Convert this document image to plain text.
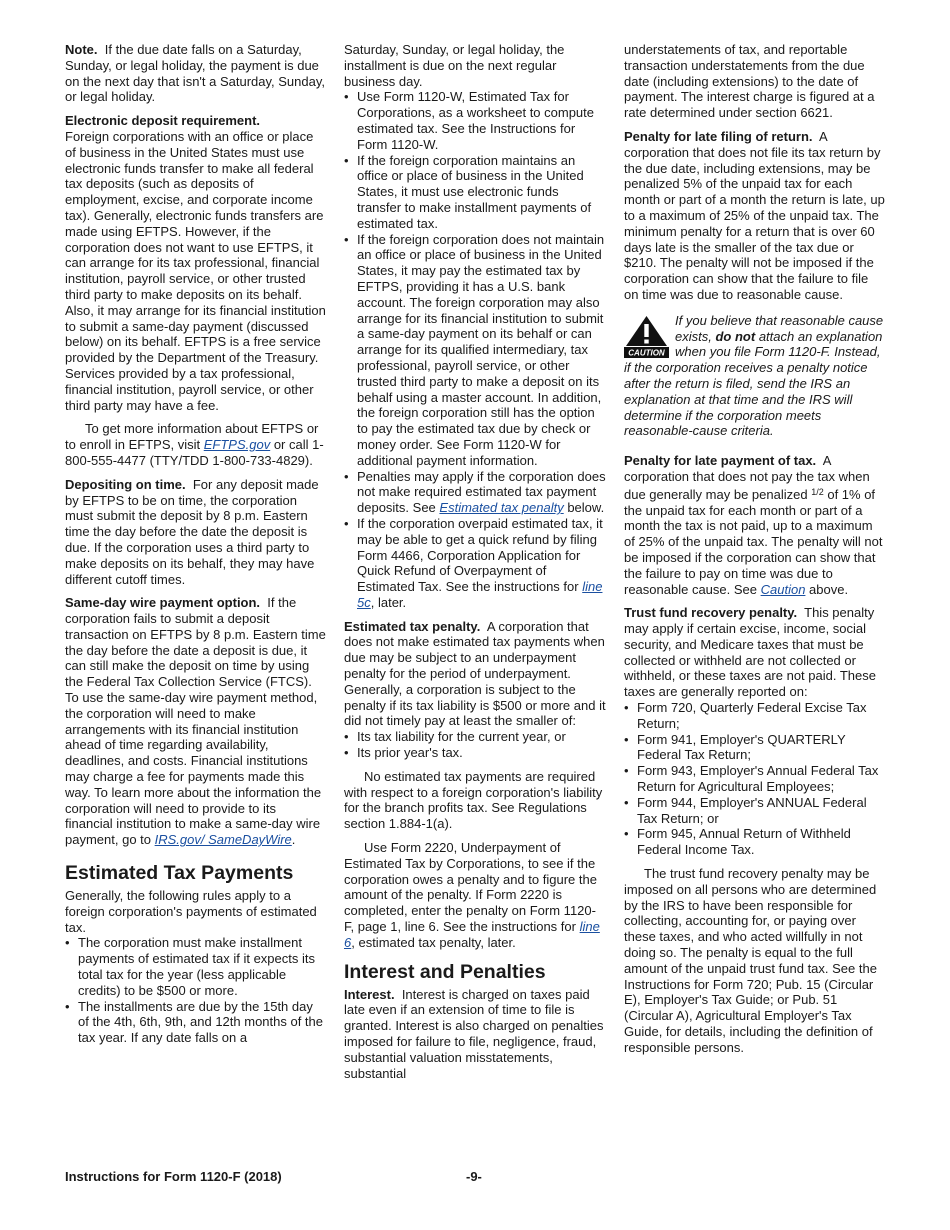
Note. If the due date falls on a Saturday, Sunday, or legal holiday, the payment is due on the next day that isn't a Saturday, Sunday, or legal holiday.

Electronic deposit requirement.
Foreign corporations with an office or place of business in the United States must use electronic funds transfer to make all federal tax deposits (such as deposits of employment, excise, and corporate income tax). Generally, electronic funds transfers are made using EFTPS. However, if the corporation does not want to use EFTPS, it can arrange for its tax professional, financial institution, payroll service, or other trusted third party to make deposits on its behalf. Also, it may arrange for its financial institution to submit a same-day payment (discussed below) on its behalf. EFTPS is a free service provided by the Department of the Treasury. Services provided by a tax professional, financial institution, payroll service, or other third party may have a fee.

To get more information about EFTPS or to enroll in EFTPS, visit EFTPS.gov or call 1-800-555-4477 (TTY/TDD 1-800-733-4829).

Depositing on time. For any deposit made by EFTPS to be on time, the corporation must submit the deposit by 8 p.m. Eastern time the day before the date the deposit is due. If the corporation uses a third party to make deposits on its behalf, they may have different cutoff times.

Same-day wire payment option. If the corporation fails to submit a deposit transaction on EFTPS by 8 p.m. Eastern time the day before the date a deposit is due, it can still make the deposit on time by using the Federal Tax Collection Service (FTCS). To use the same-day wire payment method, the corporation will need to make arrangements with its financial institution ahead of time regarding availability, deadlines, and costs. Financial institutions may charge a fee for payments made this way. To learn more about the information the corporation will need to provide to its financial institution to make a same-day wire payment, go to IRS.gov/ SameDayWire.

Estimated Tax Payments

Generally, the following rules apply to a foreign corporation's payments of estimated tax.

• The corporation must make installment payments of estimated tax if it expects its total tax for the year (less applicable credits) to be $500 or more.

• The installments are due by the 15th day of the 4th, 6th, 9th, and 12th months of the tax year. If any date falls on a

Saturday, Sunday, or legal holiday, the installment is due on the next regular business day.

• Use Form 1120-W, Estimated Tax for Corporations, as a worksheet to compute estimated tax. See the Instructions for Form 1120-W.

• If the foreign corporation maintains an office or place of business in the United States, it must use electronic funds transfer to make installment payments of estimated tax.

• If the foreign corporation does not maintain an office or place of business in the United States, it may pay the estimated tax by EFTPS, providing it has a U.S. bank account. The foreign corporation may also arrange for its financial institution to submit a same-day payment on its behalf or can arrange for its qualified intermediary, tax professional, payroll service, or other trusted third party to make a deposit on its behalf using a master account. In addition, the foreign corporation still has the option to pay the estimated tax due by check or money order. See Form 1120-W for additional payment information.

• Penalties may apply if the corporation does not make required estimated tax payment deposits. See Estimated tax penalty below.

• If the corporation overpaid estimated tax, it may be able to get a quick refund by filing Form 4466, Corporation Application for Quick Refund of Overpayment of Estimated Tax. See the instructions for line 5c, later.

Estimated tax penalty. A corporation that does not make estimated tax payments when due may be subject to an underpayment penalty for the period of underpayment. Generally, a corporation is subject to the penalty if its tax liability is $500 or more and it did not timely pay at least the smaller of:

• Its tax liability for the current year, or

• Its prior year's tax.

No estimated tax payments are required with respect to a foreign corporation's liability for the branch profits tax. See Regulations section 1.884-1(a).

Use Form 2220, Underpayment of Estimated Tax by Corporations, to see if the corporation owes a penalty and to figure the amount of the penalty. If Form 2220 is completed, enter the penalty on Form 1120-F, page 1, line 6. See the instructions for line 6, estimated tax penalty, later.

Interest and Penalties

Interest. Interest is charged on taxes paid late even if an extension of time to file is granted. Interest is also charged on penalties imposed for failure to file, negligence, fraud, substantial valuation misstatements, substantial

understatements of tax, and reportable transaction understatements from the due date (including extensions) to the date of payment. The interest charge is figured at a rate determined under section 6621.

Penalty for late filing of return. A corporation that does not file its tax return by the due date, including extensions, may be penalized 5% of the unpaid tax for each month or part of a month the return is late, up to a maximum of 25% of the unpaid tax. The minimum penalty for a return that is over 60 days late is the smaller of the tax due or $210. The penalty will not be imposed if the corporation can show that the failure to file on time was due to reasonable cause.

CAUTION
If you believe that reasonable cause exists, do not attach an explanation when you file Form 1120-F. Instead, if the corporation receives a penalty notice after the return is filed, send the IRS an explanation at that time and the IRS will determine if the corporation meets reasonable-cause criteria.

Penalty for late payment of tax. A corporation that does not pay the tax when due generally may be penalized $^{1/2}$ of 1% of the unpaid tax for each month or part of a month the tax is not paid, up to a maximum of 25% of the unpaid tax. The penalty will not be imposed if the corporation can show that the failure to pay on time was due to reasonable cause. See Caution above.

Trust fund recovery penalty. This penalty may apply if certain excise, income, social security, and Medicare taxes that must be collected or withheld are not collected or withheld, or these taxes are not paid. These taxes are generally reported on:

• Form 720, Quarterly Federal Excise Tax Return;

• Form 941, Employer's QUARTERLY Federal Tax Return;

• Form 943, Employer's Annual Federal Tax Return for Agricultural Employees;

• Form 944, Employer's ANNUAL Federal Tax Return; or

• Form 945, Annual Return of Withheld Federal Income Tax.

The trust fund recovery penalty may be imposed on all persons who are determined by the IRS to have been responsible for collecting, accounting for, or paying over these taxes, and who acted willfully in not doing so. The penalty is equal to the full amount of the unpaid trust fund tax. See the Instructions for Form 720; Pub. 15 (Circular E), Employer's Tax Guide; or Pub. 51 (Circular A), Agricultural Employer's Tax Guide, for details, including the definition of responsible persons.

Instructions for Form 1120-F (2018)	-9-
